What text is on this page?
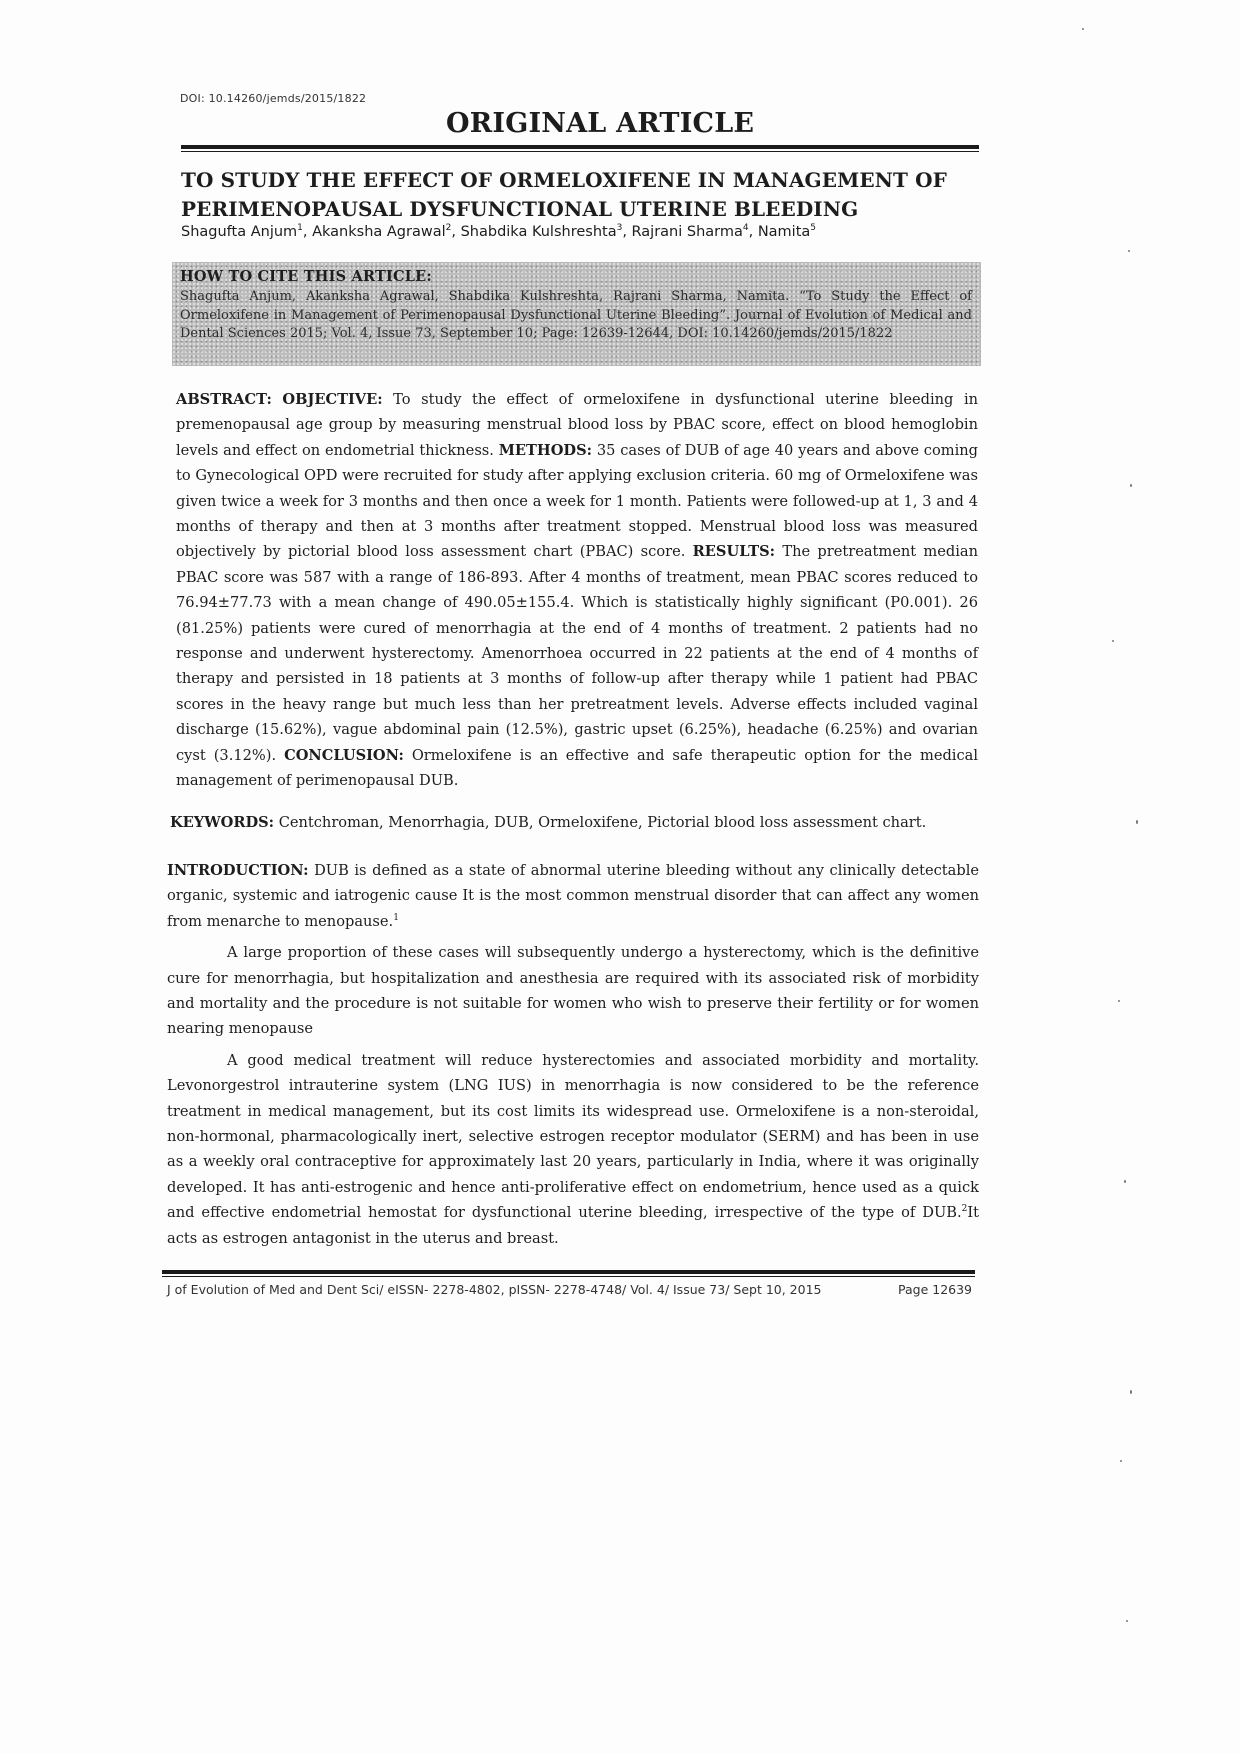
DOI: 10.14260/jemds/2015/1822
ORIGINAL ARTICLE
TO STUDY THE EFFECT OF ORMELOXIFENE IN MANAGEMENT OF
PERIMENOPAUSAL DYSFUNCTIONAL UTERINE BLEEDING
Shagufta Anjum$^1$, Akanksha Agrawal$^2$, Shabdika Kulshreshta$^3$, Rajrani Sharma$^4$, Namita$^5$
HOW TO CITE THIS ARTICLE:
Shagufta Anjum, Akanksha Agrawal, Shabdika Kulshreshta, Rajrani Sharma, Namita. “To Study the Effect of Ormeloxifene in Management of Perimenopausal Dysfunctional Uterine Bleeding”. Journal of Evolution of Medical and Dental Sciences 2015; Vol. 4, Issue 73, September 10; Page: 12639-12644, DOI: 10.14260/jemds/2015/1822
ABSTRACT: OBJECTIVE: To study the effect of ormeloxifene in dysfunctional uterine bleeding in premenopausal age group by measuring menstrual blood loss by PBAC score, effect on blood hemoglobin levels and effect on endometrial thickness. METHODS: 35 cases of DUB of age 40 years and above coming to Gynecological OPD were recruited for study after applying exclusion criteria. 60 mg of Ormeloxifene was given twice a week for 3 months and then once a week for 1 month. Patients were followed-up at 1, 3 and 4 months of therapy and then at 3 months after treatment stopped. Menstrual blood loss was measured objectively by pictorial blood loss assessment chart (PBAC) score. RESULTS: The pretreatment median PBAC score was 587 with a range of 186-893. After 4 months of treatment, mean PBAC scores reduced to 76.94±77.73 with a mean change of 490.05±155.4. Which is statistically highly significant (P0.001). 26 (81.25%) patients were cured of menorrhagia at the end of 4 months of treatment. 2 patients had no response and underwent hysterectomy. Amenorrhoea occurred in 22 patients at the end of 4 months of therapy and persisted in 18 patients at 3 months of follow-up after therapy while 1 patient had PBAC scores in the heavy range but much less than her pretreatment levels. Adverse effects included vaginal discharge (15.62%), vague abdominal pain (12.5%), gastric upset (6.25%), headache (6.25%) and ovarian cyst (3.12%). CONCLUSION: Ormeloxifene is an effective and safe therapeutic option for the medical management of perimenopausal DUB.
KEYWORDS: Centchroman, Menorrhagia, DUB, Ormeloxifene, Pictorial blood loss assessment chart.
INTRODUCTION: DUB is defined as a state of abnormal uterine bleeding without any clinically detectable organic, systemic and iatrogenic cause It is the most common menstrual disorder that can affect any women from menarche to menopause.$^1$
A large proportion of these cases will subsequently undergo a hysterectomy, which is the definitive cure for menorrhagia, but hospitalization and anesthesia are required with its associated risk of morbidity and mortality and the procedure is not suitable for women who wish to preserve their fertility or for women nearing menopause
A good medical treatment will reduce hysterectomies and associated morbidity and mortality. Levonorgestrol intrauterine system (LNG IUS) in menorrhagia is now considered to be the reference treatment in medical management, but its cost limits its widespread use. Ormeloxifene is a non-steroidal, non-hormonal, pharmacologically inert, selective estrogen receptor modulator (SERM) and has been in use as a weekly oral contraceptive for approximately last 20 years, particularly in India, where it was originally developed. It has anti-estrogenic and hence anti-proliferative effect on endometrium, hence used as a quick and effective endometrial hemostat for dysfunctional uterine bleeding, irrespective of the type of DUB.$^2$It acts as estrogen antagonist in the uterus and breast.
J of Evolution of Med and Dent Sci/ eISSN- 2278-4802, pISSN- 2278-4748/ Vol. 4/ Issue 73/ Sept 10, 2015	Page 12639
